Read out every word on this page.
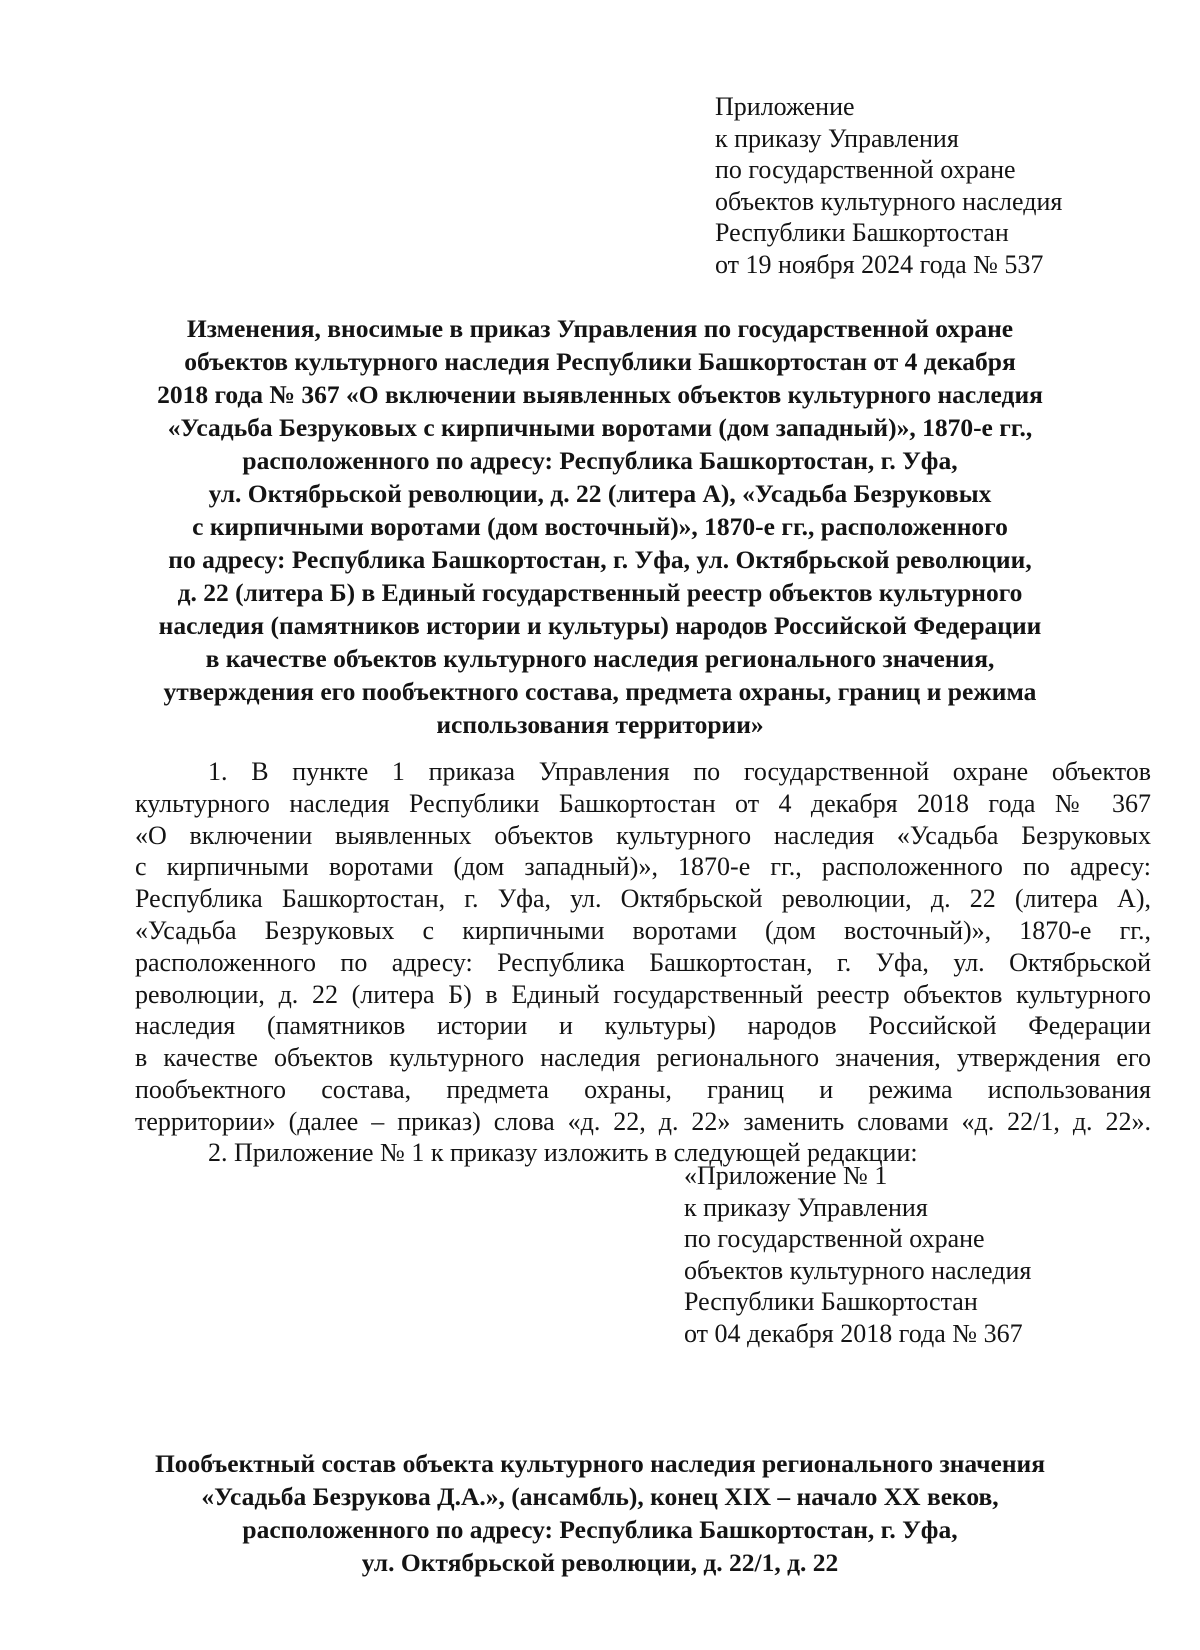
Приложение
к приказу Управления
по государственной охране
объектов культурного наследия
Республики Башкортостан
от 19 ноября 2024 года № 537
Изменения, вносимые в приказ Управления по государственной охране
объектов культурного наследия Республики Башкортостан от 4 декабря
2018 года № 367 «О включении выявленных объектов культурного наследия
«Усадьба Безруковых с кирпичными воротами (дом западный)», 1870-е гг.,
расположенного по адресу: Республика Башкортостан, г. Уфа,
ул. Октябрьской революции, д. 22 (литера А), «Усадьба Безруковых
с кирпичными воротами (дом восточный)», 1870-е гг., расположенного
по адресу: Республика Башкортостан, г. Уфа, ул. Октябрьской революции,
д. 22 (литера Б) в Единый государственный реестр объектов культурного
наследия (памятников истории и культуры) народов Российской Федерации
в качестве объектов культурного наследия регионального значения,
утверждения его пообъектного состава, предмета охраны, границ и режима
использования территории»
1. В пункте 1 приказа Управления по государственной охране объектов
культурного наследия Республики Башкортостан от 4 декабря 2018 года № 367
«О включении выявленных объектов культурного наследия «Усадьба Безруковых
с кирпичными воротами (дом западный)», 1870-е гг., расположенного по адресу:
Республика Башкортостан, г. Уфа, ул. Октябрьской революции, д. 22 (литера А),
«Усадьба Безруковых с кирпичными воротами (дом восточный)», 1870-е гг.,
расположенного по адресу: Республика Башкортостан, г. Уфа, ул. Октябрьской
революции, д. 22 (литера Б) в Единый государственный реестр объектов культурного
наследия (памятников истории и культуры) народов Российской Федерации
в качестве объектов культурного наследия регионального значения, утверждения его
пообъектного состава, предмета охраны, границ и режима использования
территории» (далее – приказ) слова «д. 22, д. 22» заменить словами «д. 22/1, д. 22».
2. Приложение № 1 к приказу изложить в следующей редакции:
«Приложение № 1
к приказу Управления
по государственной охране
объектов культурного наследия
Республики Башкортостан
от 04 декабря 2018 года № 367
Пообъектный состав объекта культурного наследия регионального значения
«Усадьба Безрукова Д.А.», (ансамбль), конец XIX – начало XX веков,
расположенного по адресу: Республика Башкортостан, г. Уфа,
ул. Октябрьской революции, д. 22/1, д. 22
